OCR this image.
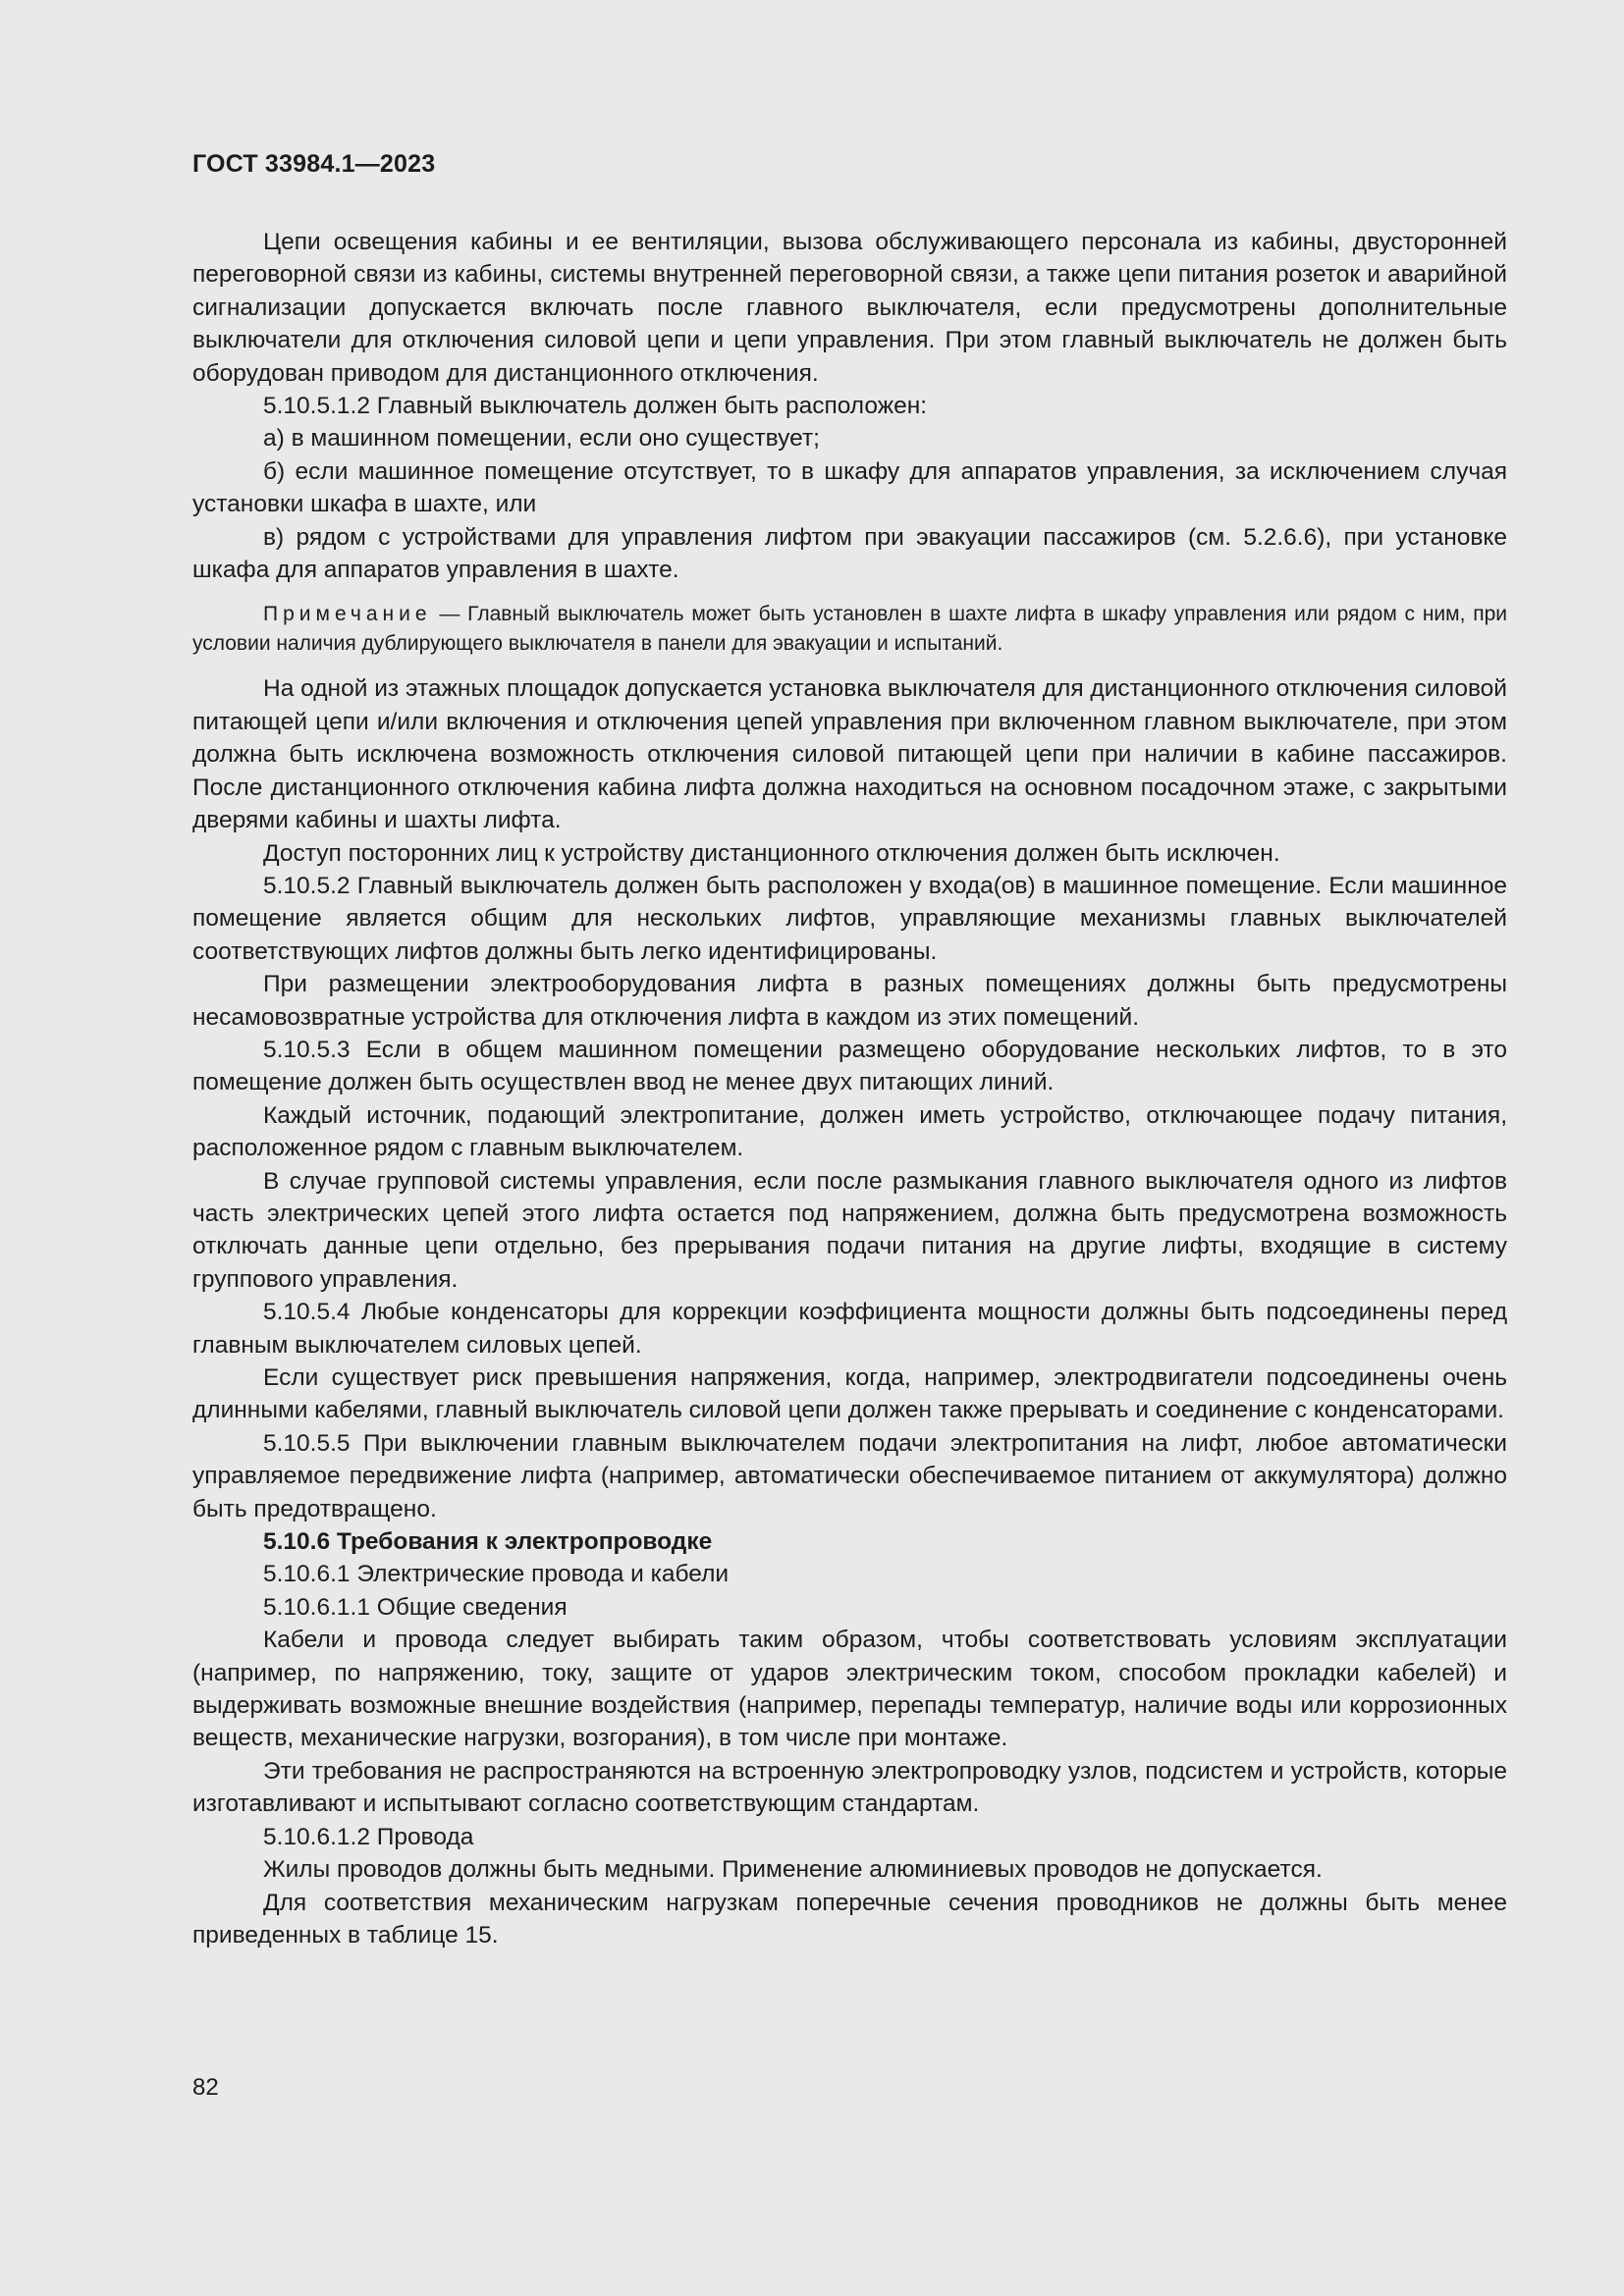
ГОСТ 33984.1—2023

Цепи освещения кабины и ее вентиляции, вызова обслуживающего персонала из кабины, двусторонней переговорной связи из кабины, системы внутренней переговорной связи, а также цепи питания розеток и аварийной сигнализации допускается включать после главного выключателя, если предусмотрены дополнительные выключатели для отключения силовой цепи и цепи управления. При этом главный выключатель не должен быть оборудован приводом для дистанционного отключения.

5.10.5.1.2 Главный выключатель должен быть расположен:

а) в машинном помещении, если оно существует;

б) если машинное помещение отсутствует, то в шкафу для аппаратов управления, за исключением случая установки шкафа в шахте, или

в) рядом с устройствами для управления лифтом при эвакуации пассажиров (см. 5.2.6.6), при установке шкафа для аппаратов управления в шахте.

Примечание — Главный выключатель может быть установлен в шахте лифта в шкафу управления или рядом с ним, при условии наличия дублирующего выключателя в панели для эвакуации и испытаний.

На одной из этажных площадок допускается установка выключателя для дистанционного отключения силовой питающей цепи и/или включения и отключения цепей управления при включенном главном выключателе, при этом должна быть исключена возможность отключения силовой питающей цепи при наличии в кабине пассажиров. После дистанционного отключения кабина лифта должна находиться на основном посадочном этаже, с закрытыми дверями кабины и шахты лифта.

Доступ посторонних лиц к устройству дистанционного отключения должен быть исключен.

5.10.5.2 Главный выключатель должен быть расположен у входа(ов) в машинное помещение. Если машинное помещение является общим для нескольких лифтов, управляющие механизмы главных выключателей соответствующих лифтов должны быть легко идентифицированы.

При размещении электрооборудования лифта в разных помещениях должны быть предусмотрены несамовозвратные устройства для отключения лифта в каждом из этих помещений.

5.10.5.3 Если в общем машинном помещении размещено оборудование нескольких лифтов, то в это помещение должен быть осуществлен ввод не менее двух питающих линий.

Каждый источник, подающий электропитание, должен иметь устройство, отключающее подачу питания, расположенное рядом с главным выключателем.

В случае групповой системы управления, если после размыкания главного выключателя одного из лифтов часть электрических цепей этого лифта остается под напряжением, должна быть предусмотрена возможность отключать данные цепи отдельно, без прерывания подачи питания на другие лифты, входящие в систему группового управления.

5.10.5.4 Любые конденсаторы для коррекции коэффициента мощности должны быть подсоединены перед главным выключателем силовых цепей.

Если существует риск превышения напряжения, когда, например, электродвигатели подсоединены очень длинными кабелями, главный выключатель силовой цепи должен также прерывать и соединение с конденсаторами.

5.10.5.5 При выключении главным выключателем подачи электропитания на лифт, любое автоматически управляемое передвижение лифта (например, автоматически обеспечиваемое питанием от аккумулятора) должно быть предотвращено.

5.10.6 Требования к электропроводке

5.10.6.1 Электрические провода и кабели

5.10.6.1.1 Общие сведения

Кабели и провода следует выбирать таким образом, чтобы соответствовать условиям эксплуатации (например, по напряжению, току, защите от ударов электрическим током, способом прокладки кабелей) и выдерживать возможные внешние воздействия (например, перепады температур, наличие воды или коррозионных веществ, механические нагрузки, возгорания), в том числе при монтаже.

Эти требования не распространяются на встроенную электропроводку узлов, подсистем и устройств, которые изготавливают и испытывают согласно соответствующим стандартам.

5.10.6.1.2 Провода

Жилы проводов должны быть медными. Применение алюминиевых проводов не допускается.

Для соответствия механическим нагрузкам поперечные сечения проводников не должны быть менее приведенных в таблице 15.

82
